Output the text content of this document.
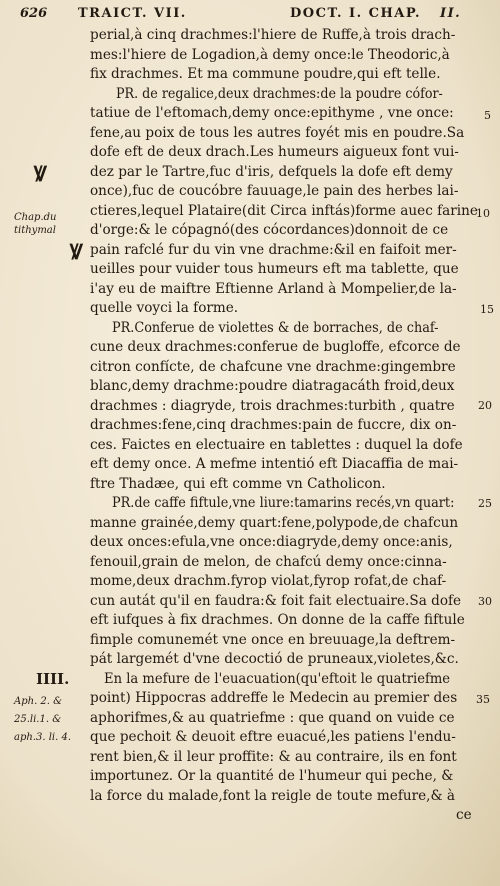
626 TRAICT. VII.	DOCT. I. CHAP. II.
perial,à cinq drachmes:l'hiere de Ruffe,à trois drach-
mes:l'hiere de Logadion,à demy once:le Theodoric,à
fix drachmes. Et ma commune poudre,qui eft telle.
PR. de regalice,deux drachmes:de la poudre cófor-
tatiue de l'eftomach,demy once:epithyme , vne once:
fene,au poix de tous les autres foyét mis en poudre.Sa
dofe eft de deux drach.Les humeurs aigueux font vui-
dez par le Tartre,fuc d'iris, defquels la dofe eft demy
once),fuc de coucóbre fauuage,le pain des herbes lai-
ctieres,lequel Plataire(dit Circa inftás)forme auec farine
d'orge:& le cópagnó(des cócordances)donnoit de ce
pain rafclé fur du vin vne drachme:&il en faifoit mer-
ueilles pour vuider tous humeurs eft ma tablette, que
i'ay eu de maiftre Eftienne Arland à Mompelier,de la-
quelle voyci la forme.
PR.Conferue de violettes & de borraches, de chaf-
cune deux drachmes:conferue de bugloffe, efcorce de
citron confícte, de chafcune vne drachme:gingembre
blanc,demy drachme:poudre diatragacáth froid,deux
drachmes : diagryde, trois drachmes:turbith , quatre
drachmes:fene,cinq drachmes:pain de fuccre, dix on-
ces. Faictes en electuaire en tablettes : duquel la dofe
eft demy once. A mefme intentió eft Diacaffia de mai-
ftre Thadæe, qui eft comme vn Catholicon.
PR.de caffe fiftule,vne liure:tamarins recés,vn quart:
manne grainée,demy quart:fene,polypode,de chafcun
deux onces:efula,vne once:diagryde,demy once:anis,
fenouil,grain de melon, de chafcú demy once:cinna-
mome,deux drachm.fyrop violat,fyrop rofat,de chaf-
cun autát qu'il en faudra:& foit fait electuaire.Sa dofe
eft iufques à fix drachmes. On donne de la caffe fiftule
fimple comunemét vne once en breuuage,la deftrem-
pát largemét d'vne decoctió de pruneaux,violetes,&c.
En la mefure de l'euacuation(qu'eftoit le quatriefme
point) Hippocras addreffe le Medecin au premier des
aphorifmes,& au quatriefme : que quand on vuide ce
que pechoit & deuoit eftre euacué,les patiens l'endu-
rent bien,& il leur proffite: & au contraire, ils en font
importunez. Or la quantité de l'humeur qui peche, &
la force du malade,font la reigle de toute mefure,& à
ce
Ꝟ
Ꝟ
Chap.du
tithymal
IIII.
Aph. 2. &
25.li.1. &
aph.3. li. 4.
5
10
15
20
25
30
35
